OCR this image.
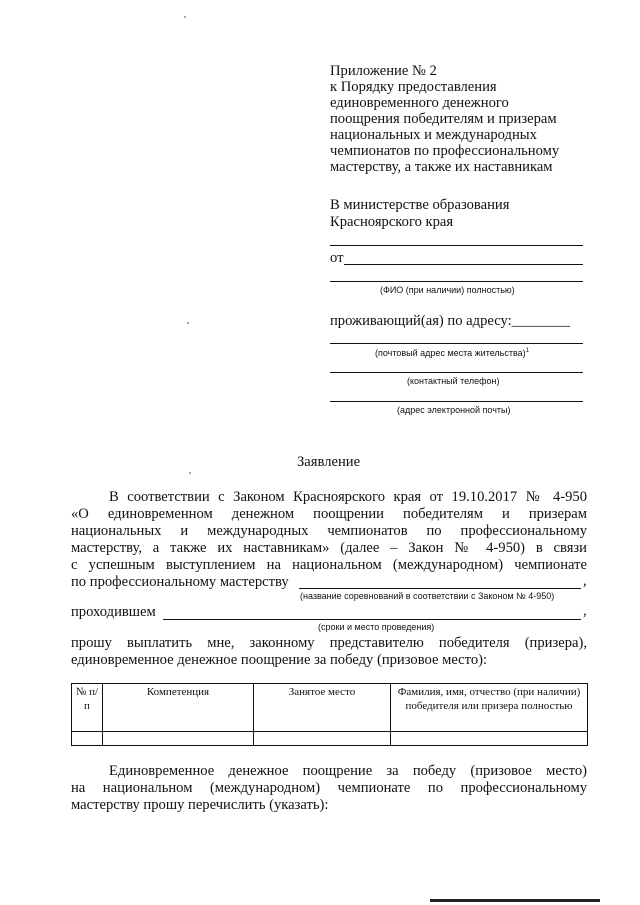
Приложение № 2
к Порядку предоставления
единовременного денежного
поощрения победителям и призерам
национальных и международных
чемпионатов по профессиональному
мастерству, а также их наставникам
В министерстве образования
Красноярского края
от
(ФИО (при наличии) полностью)
проживающий(ая) по адресу:________
(почтовый адрес места жительства)$^1$
(контактный телефон)
(адрес электронной почты)
Заявление
В соответствии с Законом Красноярского края от 19.10.2017 № 4-950
«О единовременном денежном поощрении победителям и призерам
национальных и международных чемпионатов по профессиональному
мастерству, а также их наставникам» (далее – Закон № 4-950) в связи
с успешным выступлением на национальном (международном) чемпионате
по профессиональному мастерству	,
(название соревнований в соответствии с Законом № 4-950)
проходившем	,
(сроки и место проведения)
прошу выплатить мне, законному представителю победителя (призера),
единовременное денежное поощрение за победу (призовое место):
№ п/п	Компетенция	Занятое место	Фамилия, имя, отчество (при наличии) победителя или призера полностью

Единовременное денежное поощрение за победу (призовое место)
на национальном (международном) чемпионате по профессиональному
мастерству прошу перечислить (указать):
